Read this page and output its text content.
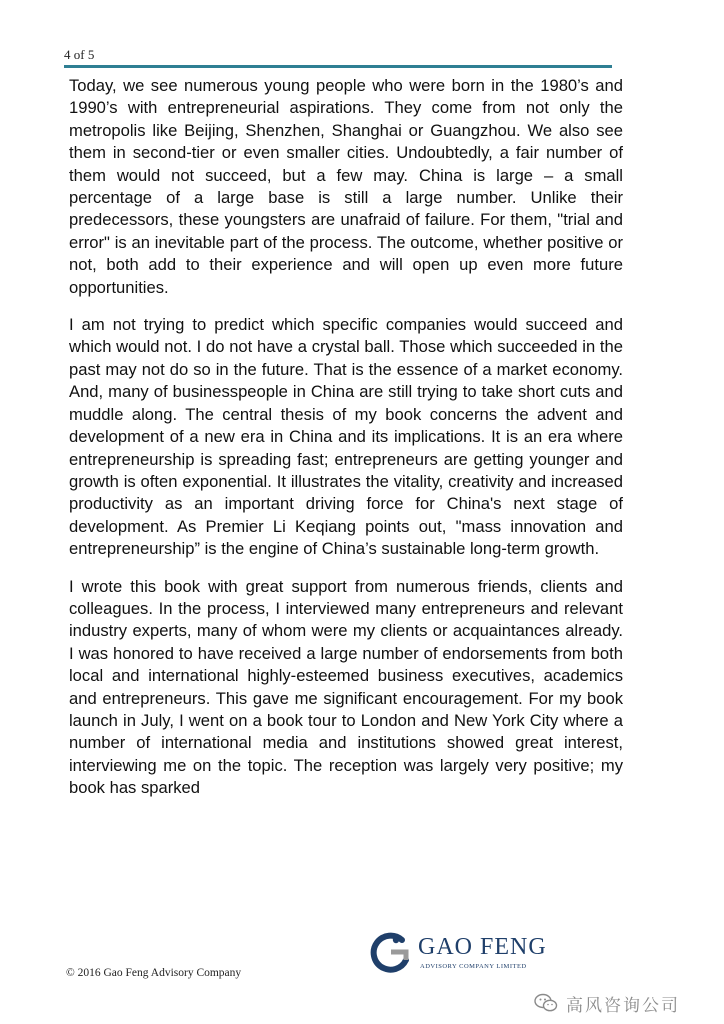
4 of 5

Today, we see numerous young people who were born in the 1980’s and 1990’s with entrepreneurial aspirations. They come from not only the metropolis like Beijing, Shenzhen, Shanghai or Guangzhou. We also see them in second-tier or even smaller cities. Undoubtedly, a fair number of them would not succeed, but a few may. China is large – a small percentage of a large base is still a large number. Unlike their predecessors, these youngsters are unafraid of failure. For them, "trial and error" is an inevitable part of the process. The outcome, whether positive or not, both add to their experience and will open up even more future opportunities.

I am not trying to predict which specific companies would succeed and which would not. I do not have a crystal ball. Those which succeeded in the past may not do so in the future. That is the essence of a market economy. And, many of businesspeople in China are still trying to take short cuts and muddle along. The central thesis of my book concerns the advent and development of a new era in China and its implications. It is an era where entrepreneurship is spreading fast; entrepreneurs are getting younger and growth is often exponential. It illustrates the vitality, creativity and increased productivity as an important driving force for China's next stage of development. As Premier Li Keqiang points out, "mass innovation and entrepreneurship” is the engine of China’s sustainable long-term growth.

I wrote this book with great support from numerous friends, clients and colleagues. In the process, I interviewed many entrepreneurs and relevant industry experts, many of whom were my clients or acquaintances already. I was honored to have received a large number of endorsements from both local and international highly-esteemed business executives, academics and entrepreneurs. This gave me significant encouragement. For my book launch in July, I went on a book tour to London and New York City where a number of international media and institutions showed great interest, interviewing me on the topic. The reception was largely very positive; my book has sparked

GAO FENG
ADVISORY COMPANY LIMITED
© 2016 Gao Feng Advisory Company
高风咨询公司
